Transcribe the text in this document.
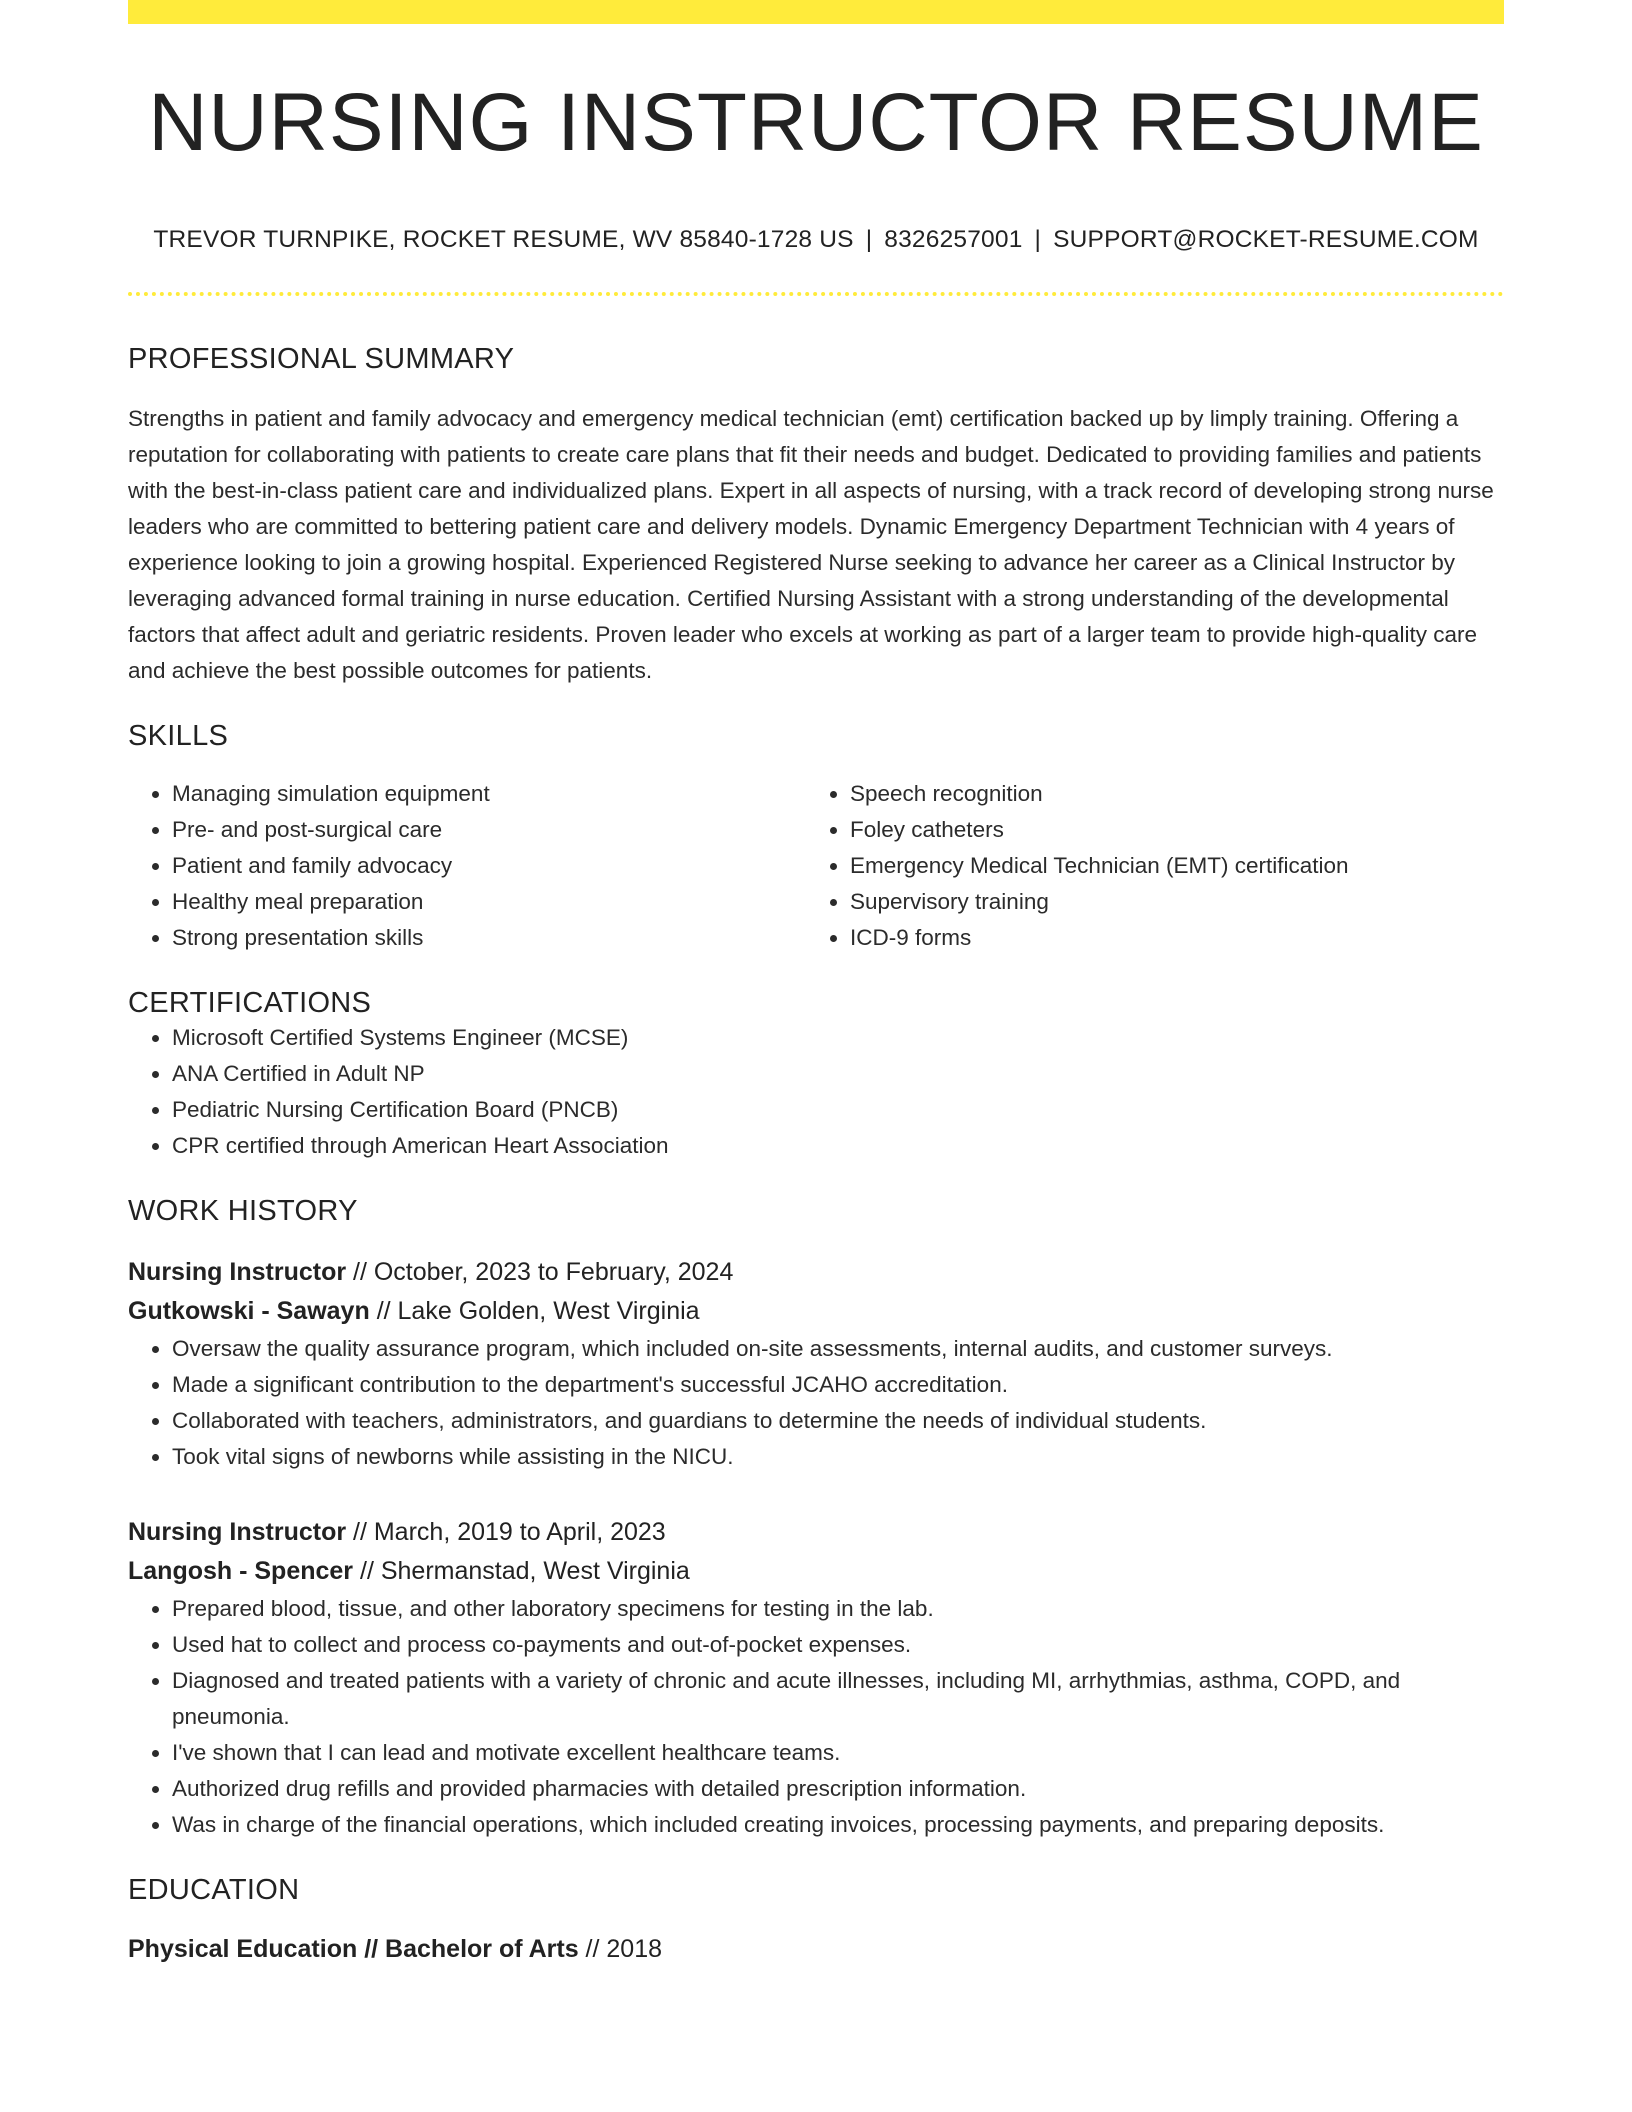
NURSING INSTRUCTOR RESUME
TREVOR TURNPIKE, ROCKET RESUME, WV 85840-1728 US | 8326257001 | SUPPORT@ROCKET-RESUME.COM
PROFESSIONAL SUMMARY

Strengths in patient and family advocacy and emergency medical technician (emt) certification backed up by limply training. Offering a reputation for collaborating with patients to create care plans that fit their needs and budget. Dedicated to providing families and patients with the best-in-class patient care and individualized plans. Expert in all aspects of nursing, with a track record of developing strong nurse leaders who are committed to bettering patient care and delivery models. Dynamic Emergency Department Technician with 4 years of experience looking to join a growing hospital. Experienced Registered Nurse seeking to advance her career as a Clinical Instructor by leveraging advanced formal training in nurse education. Certified Nursing Assistant with a strong understanding of the developmental factors that affect adult and geriatric residents. Proven leader who excels at working as part of a larger team to provide high-quality care and achieve the best possible outcomes for patients.

SKILLS
• Managing simulation equipment
• Pre- and post-surgical care
• Patient and family advocacy
• Healthy meal preparation
• Strong presentation skills
• Speech recognition
• Foley catheters
• Emergency Medical Technician (EMT) certification
• Supervisory training
• ICD-9 forms
CERTIFICATIONS
• Microsoft Certified Systems Engineer (MCSE)
• ANA Certified in Adult NP
• Pediatric Nursing Certification Board (PNCB)
• CPR certified through American Heart Association
WORK HISTORY
Nursing Instructor // October, 2023 to February, 2024
Gutkowski - Sawayn // Lake Golden, West Virginia
• Oversaw the quality assurance program, which included on-site assessments, internal audits, and customer surveys.
• Made a significant contribution to the department's successful JCAHO accreditation.
• Collaborated with teachers, administrators, and guardians to determine the needs of individual students.
• Took vital signs of newborns while assisting in the NICU.
Nursing Instructor // March, 2019 to April, 2023
Langosh - Spencer // Shermanstad, West Virginia
• Prepared blood, tissue, and other laboratory specimens for testing in the lab.
• Used hat to collect and process co-payments and out-of-pocket expenses.
• Diagnosed and treated patients with a variety of chronic and acute illnesses, including MI, arrhythmias, asthma, COPD, and pneumonia.
• I've shown that I can lead and motivate excellent healthcare teams.
• Authorized drug refills and provided pharmacies with detailed prescription information.
• Was in charge of the financial operations, which included creating invoices, processing payments, and preparing deposits.
EDUCATION
Physical Education // Bachelor of Arts // 2018
